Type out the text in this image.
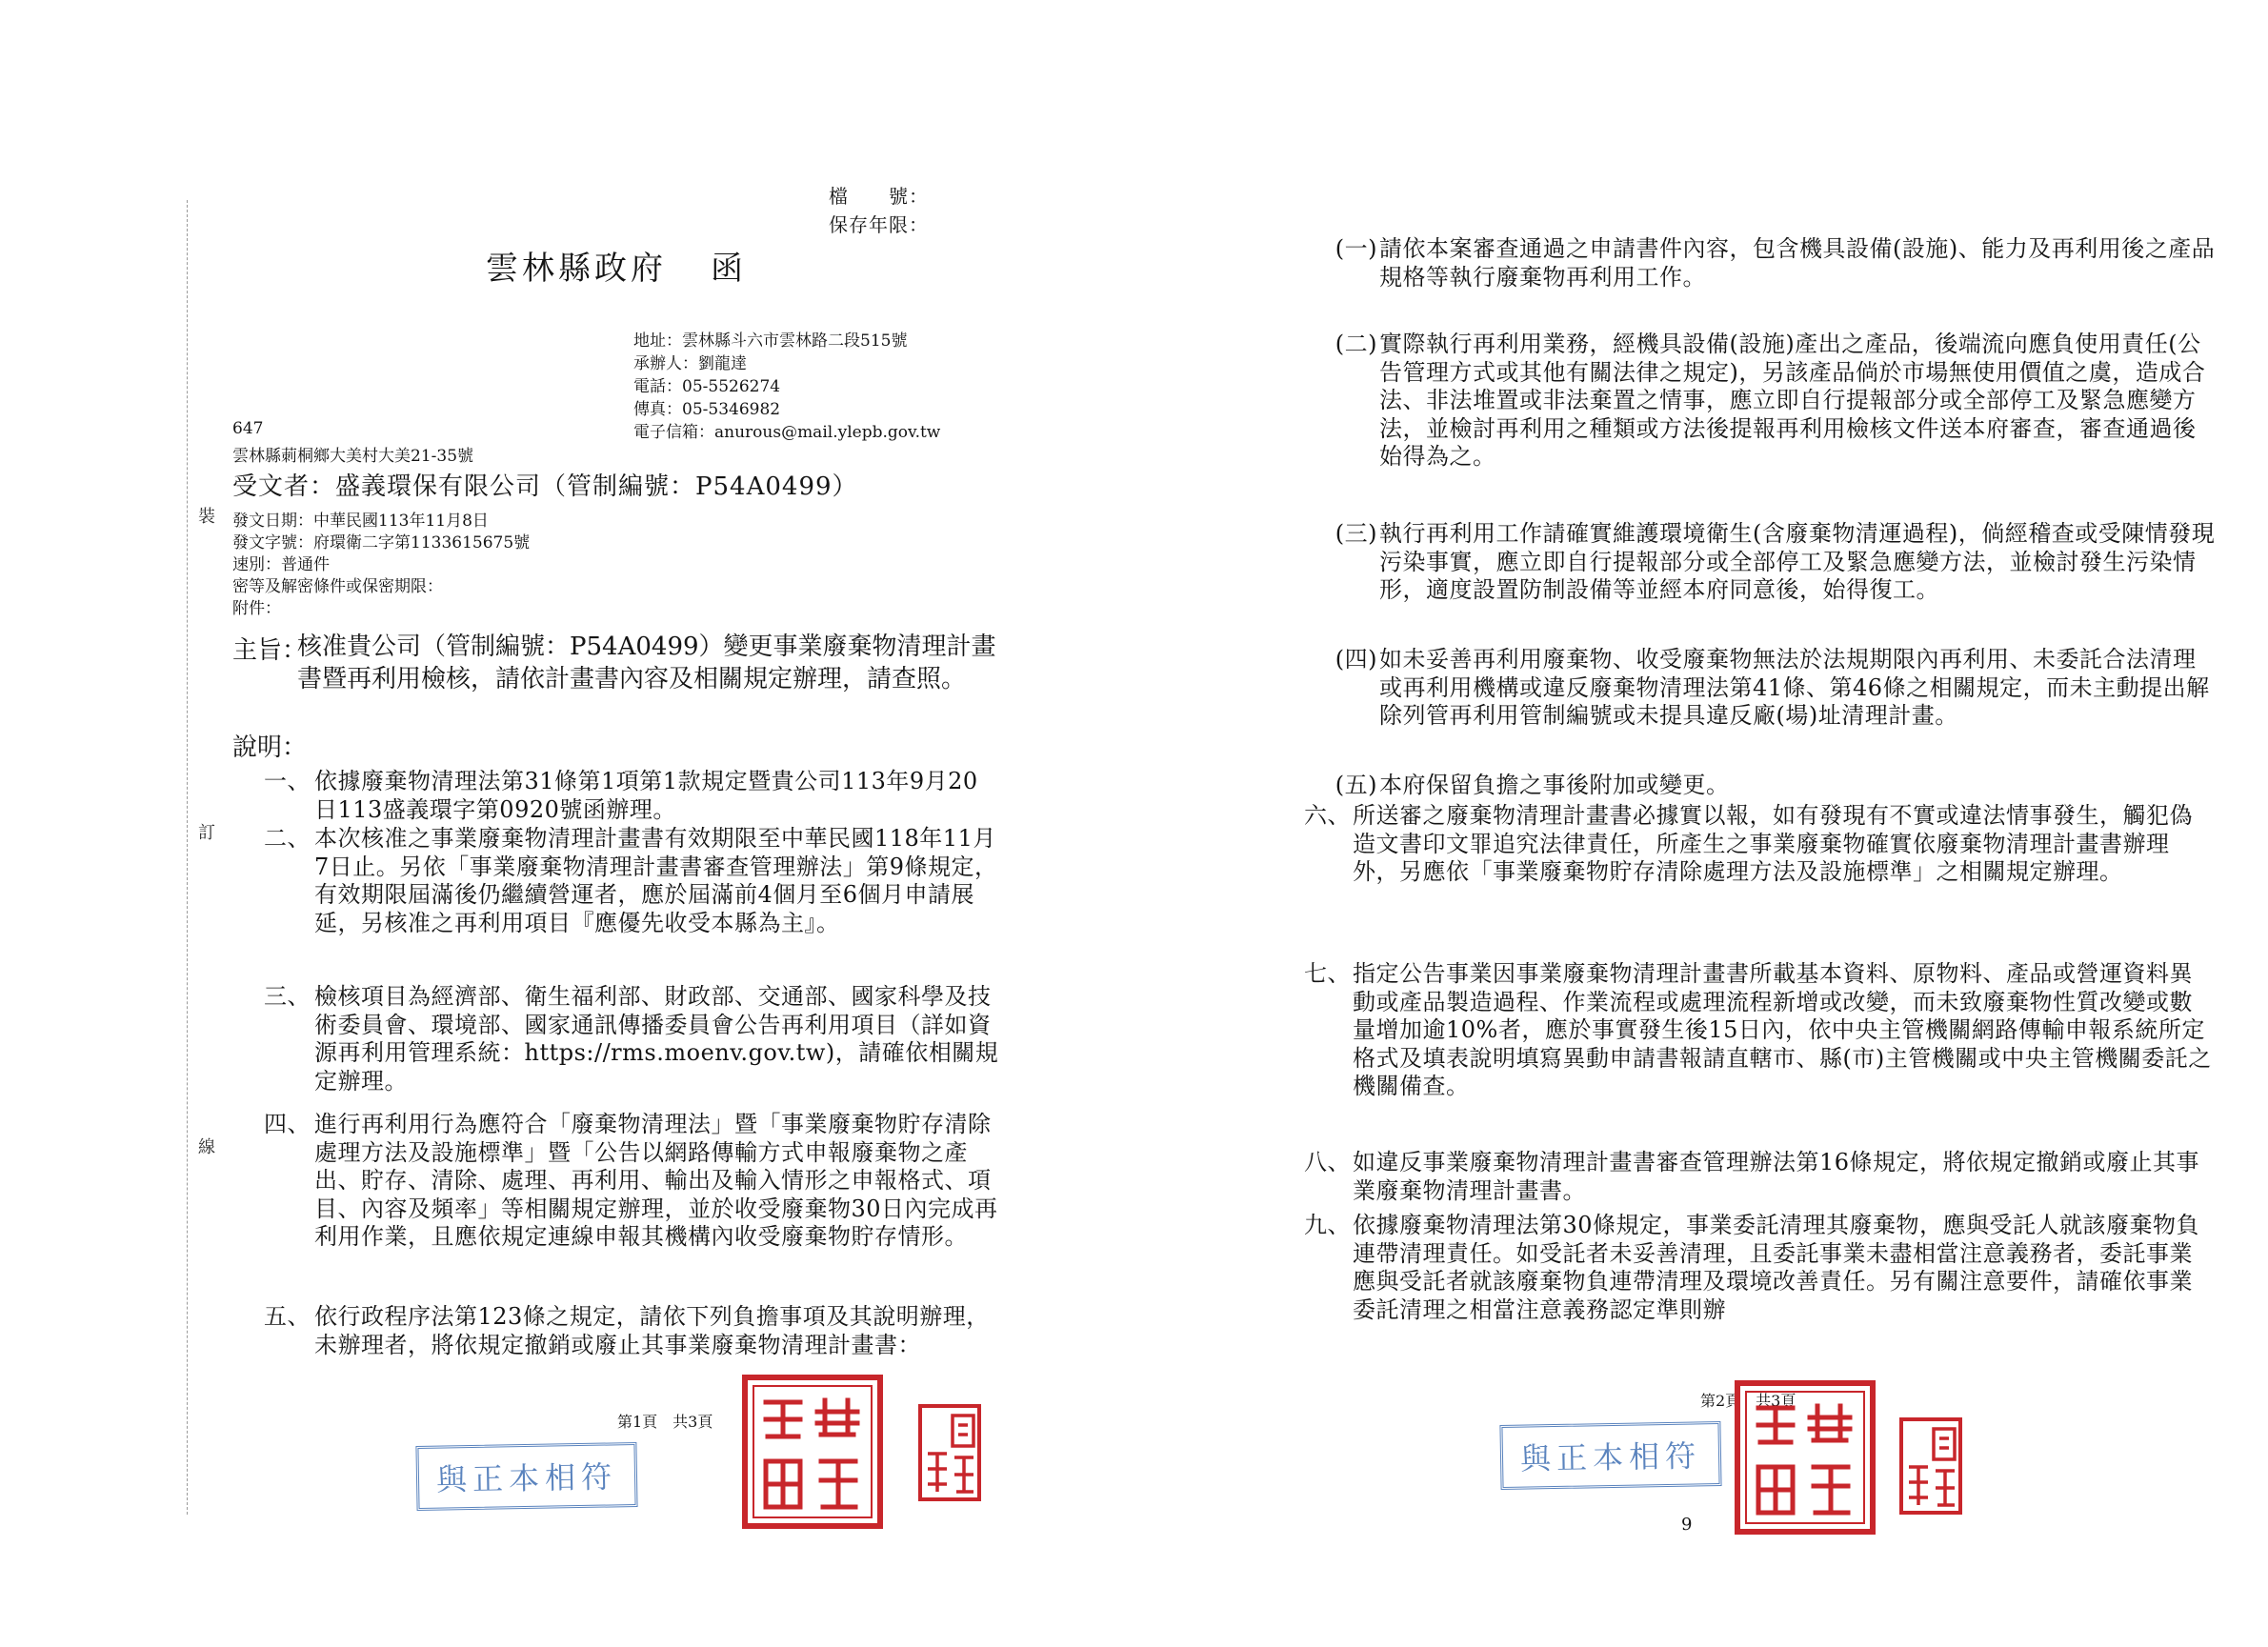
裝
訂
線
檔　　號：
保存年限：
雲林縣政府 函
地址：雲林縣斗六市雲林路二段515號
承辦人：劉龍達
電話：05-5526274
傳真：05-5346982
電子信箱：anurous@mail.ylepb.gov.tw
647
雲林縣莿桐鄉大美村大美21-35號
受文者：盛義環保有限公司（管制編號：P54A0499）
發文日期：中華民國113年11月8日
發文字號：府環衛二字第1133615675號
速別：普通件
密等及解密條件或保密期限：
附件：
主旨：
核准貴公司（管制編號：P54A0499）變更事業廢棄物清理計畫書暨再利用檢核，請依計畫書內容及相關規定辦理，請查照。
說明：
一、 依據廢棄物清理法第31條第1項第1款規定暨貴公司113年9月20日113盛義環字第0920號函辦理。
二、 本次核准之事業廢棄物清理計畫書有效期限至中華民國118年11月7日止。另依「事業廢棄物清理計畫書審查管理辦法」第9條規定，有效期限屆滿後仍繼續營運者，應於屆滿前4個月至6個月申請展延，另核准之再利用項目『應優先收受本縣為主』。
三、 檢核項目為經濟部、衛生福利部、財政部、交通部、國家科學及技術委員會、環境部、國家通訊傳播委員會公告再利用項目（詳如資源再利用管理系統：https://rms.moenv.gov.tw)，請確依相關規定辦理。
四、 進行再利用行為應符合「廢棄物清理法」暨「事業廢棄物貯存清除處理方法及設施標準」暨「公告以網路傳輸方式申報廢棄物之產出、貯存、清除、處理、再利用、輸出及輸入情形之申報格式、項目、內容及頻率」等相關規定辦理，並於收受廢棄物30日內完成再利用作業，且應依規定連線申報其機構內收受廢棄物貯存情形。
五、 依行政程序法第123條之規定，請依下列負擔事項及其說明辦理，未辦理者，將依規定撤銷或廢止其事業廢棄物清理計畫書：
第1頁　共3頁
與正本相符
(一) 請依本案審查通過之申請書件內容，包含機具設備(設施)、能力及再利用後之產品規格等執行廢棄物再利用工作。
(二) 實際執行再利用業務，經機具設備(設施)產出之產品，後端流向應負使用責任(公告管理方式或其他有關法律之規定)，另該產品倘於市場無使用價值之虞，造成合法、非法堆置或非法棄置之情事，應立即自行提報部分或全部停工及緊急應變方法，並檢討再利用之種類或方法後提報再利用檢核文件送本府審查，審查通過後始得為之。
(三) 執行再利用工作請確實維護環境衛生(含廢棄物清運過程)，倘經稽查或受陳情發現污染事實，應立即自行提報部分或全部停工及緊急應變方法，並檢討發生污染情形，適度設置防制設備等並經本府同意後，始得復工。
(四) 如未妥善再利用廢棄物、收受廢棄物無法於法規期限內再利用、未委託合法清理或再利用機構或違反廢棄物清理法第41條、第46條之相關規定，而未主動提出解除列管再利用管制編號或未提具違反廠(場)址清理計畫。
(五) 本府保留負擔之事後附加或變更。
六、 所送審之廢棄物清理計畫書必據實以報，如有發現有不實或違法情事發生，觸犯偽造文書印文罪追究法律責任，所產生之事業廢棄物確實依廢棄物清理計畫書辦理外，另應依「事業廢棄物貯存清除處理方法及設施標準」之相關規定辦理。
七、 指定公告事業因事業廢棄物清理計畫書所載基本資料、原物料、產品或營運資料異動或產品製造過程、作業流程或處理流程新增或改變，而未致廢棄物性質改變或數量增加逾10%者，應於事實發生後15日內，依中央主管機關網路傳輸申報系統所定格式及填表說明填寫異動申請書報請直轄市、縣(市)主管機關或中央主管機關委託之機關備查。
八、 如違反事業廢棄物清理計畫書審查管理辦法第16條規定，將依規定撤銷或廢止其事業廢棄物清理計畫書。
九、 依據廢棄物清理法第30條規定，事業委託清理其廢棄物，應與受託人就該廢棄物負連帶清理責任。如受託者未妥善清理，且委託事業未盡相當注意義務者，委託事業應與受託者就該廢棄物負連帶清理及環境改善責任。另有關注意要件，請確依事業委託清理之相當注意義務認定準則辦
第2頁　共3頁
9
與正本相符
